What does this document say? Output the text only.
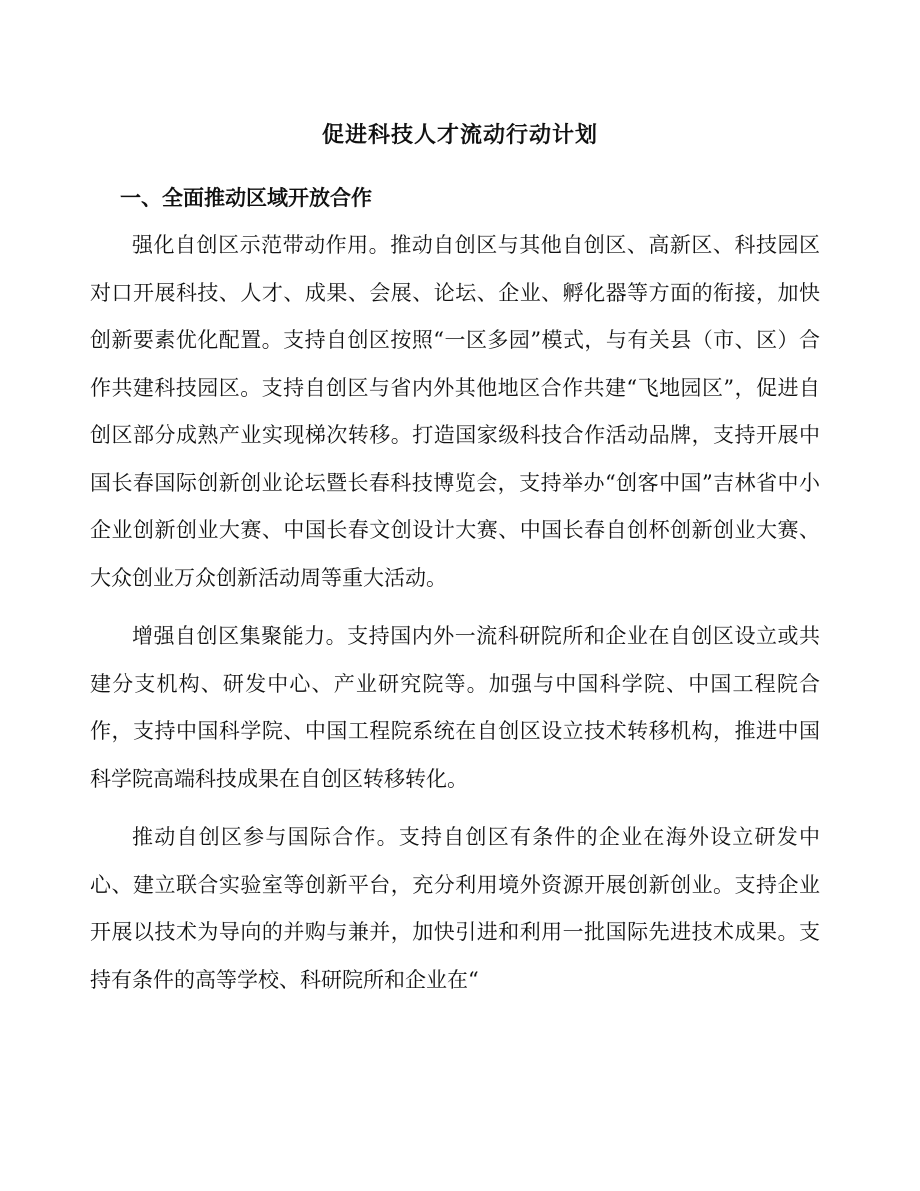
促进科技人才流动行动计划
一、全面推动区域开放合作

强化自创区示范带动作用。推动自创区与其他自创区、高新区、科技园区对口开展科技、人才、成果、会展、论坛、企业、孵化器等方面的衔接，加快创新要素优化配置。支持自创区按照“一区多园”模式，与有关县（市、区）合作共建科技园区。支持自创区与省内外其他地区合作共建“飞地园区”，促进自创区部分成熟产业实现梯次转移。打造国家级科技合作活动品牌，支持开展中国长春国际创新创业论坛暨长春科技博览会，支持举办“创客中国”吉林省中小企业创新创业大赛、中国长春文创设计大赛、中国长春自创杯创新创业大赛、大众创业万众创新活动周等重大活动。

增强自创区集聚能力。支持国内外一流科研院所和企业在自创区设立或共建分支机构、研发中心、产业研究院等。加强与中国科学院、中国工程院合作，支持中国科学院、中国工程院系统在自创区设立技术转移机构，推进中国科学院高端科技成果在自创区转移转化。

推动自创区参与国际合作。支持自创区有条件的企业在海外设立研发中心、建立联合实验室等创新平台，充分利用境外资源开展创新创业。支持企业开展以技术为导向的并购与兼并，加快引进和利用一批国际先进技术成果。支持有条件的高等学校、科研院所和企业在“
